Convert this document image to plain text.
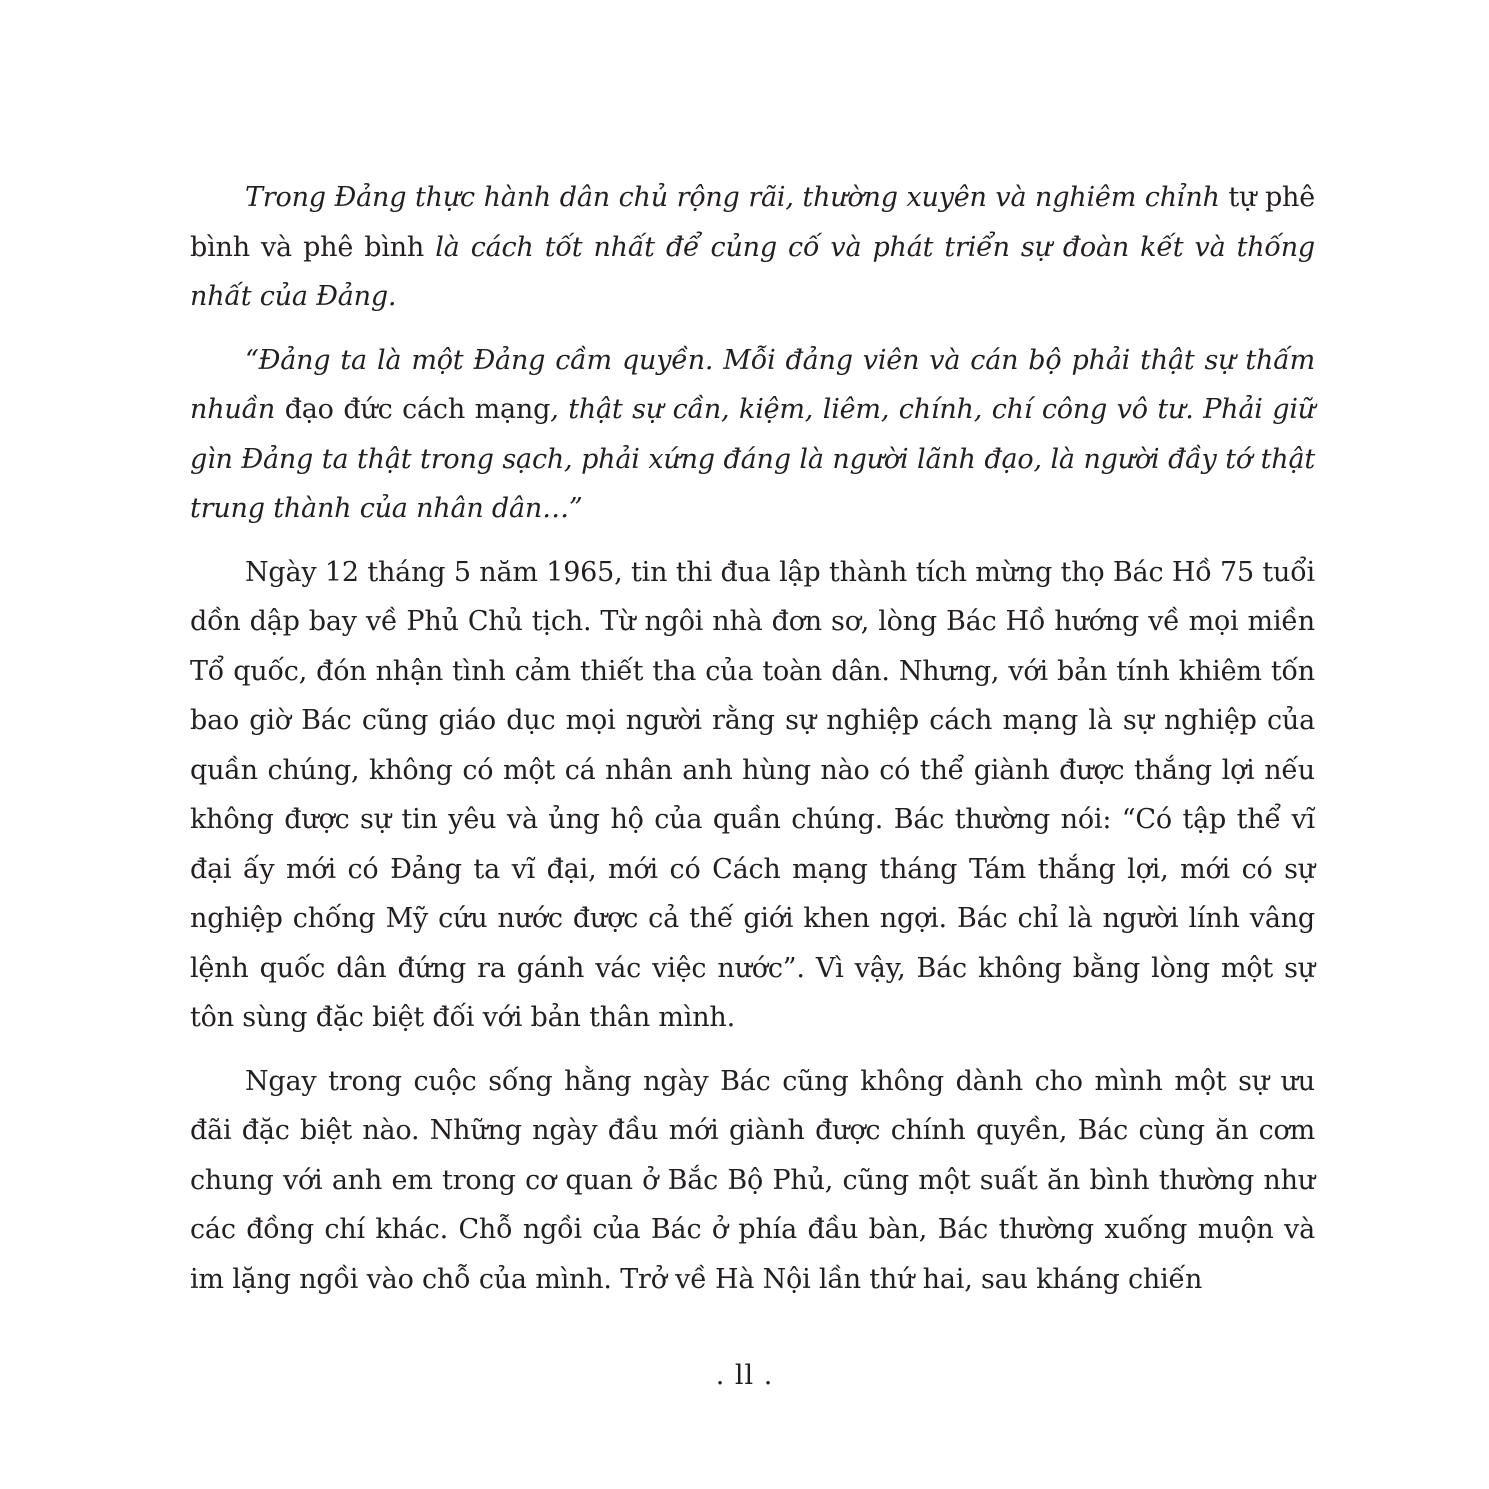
Trong Đảng thực hành dân chủ rộng rãi, thường xuyên và nghiêm chỉnh tự phê bình và phê bình là cách tốt nhất để củng cố và phát triển sự đoàn kết và thống nhất của Đảng.

“Đảng ta là một Đảng cầm quyền. Mỗi đảng viên và cán bộ phải thật sự thấm nhuần đạo đức cách mạng, thật sự cần, kiệm, liêm, chính, chí công vô tư. Phải giữ gìn Đảng ta thật trong sạch, phải xứng đáng là người lãnh đạo, là người đầy tớ thật trung thành của nhân dân…”

Ngày 12 tháng 5 năm 1965, tin thi đua lập thành tích mừng thọ Bác Hồ 75 tuổi dồn dập bay về Phủ Chủ tịch. Từ ngôi nhà đơn sơ, lòng Bác Hồ hướng về mọi miền Tổ quốc, đón nhận tình cảm thiết tha của toàn dân. Nhưng, với bản tính khiêm tốn bao giờ Bác cũng giáo dục mọi người rằng sự nghiệp cách mạng là sự nghiệp của quần chúng, không có một cá nhân anh hùng nào có thể giành được thắng lợi nếu không được sự tin yêu và ủng hộ của quần chúng. Bác thường nói: “Có tập thể vĩ đại ấy mới có Đảng ta vĩ đại, mới có Cách mạng tháng Tám thắng lợi, mới có sự nghiệp chống Mỹ cứu nước được cả thế giới khen ngợi. Bác chỉ là người lính vâng lệnh quốc dân đứng ra gánh vác việc nước”. Vì vậy, Bác không bằng lòng một sự tôn sùng đặc biệt đối với bản thân mình.

Ngay trong cuộc sống hằng ngày Bác cũng không dành cho mình một sự ưu đãi đặc biệt nào. Những ngày đầu mới giành được chính quyền, Bác cùng ăn cơm chung với anh em trong cơ quan ở Bắc Bộ Phủ, cũng một suất ăn bình thường như các đồng chí khác. Chỗ ngồi của Bác ở phía đầu bàn, Bác thường xuống muộn và im lặng ngồi vào chỗ của mình. Trở về Hà Nội lần thứ hai, sau kháng chiến

. ll .
